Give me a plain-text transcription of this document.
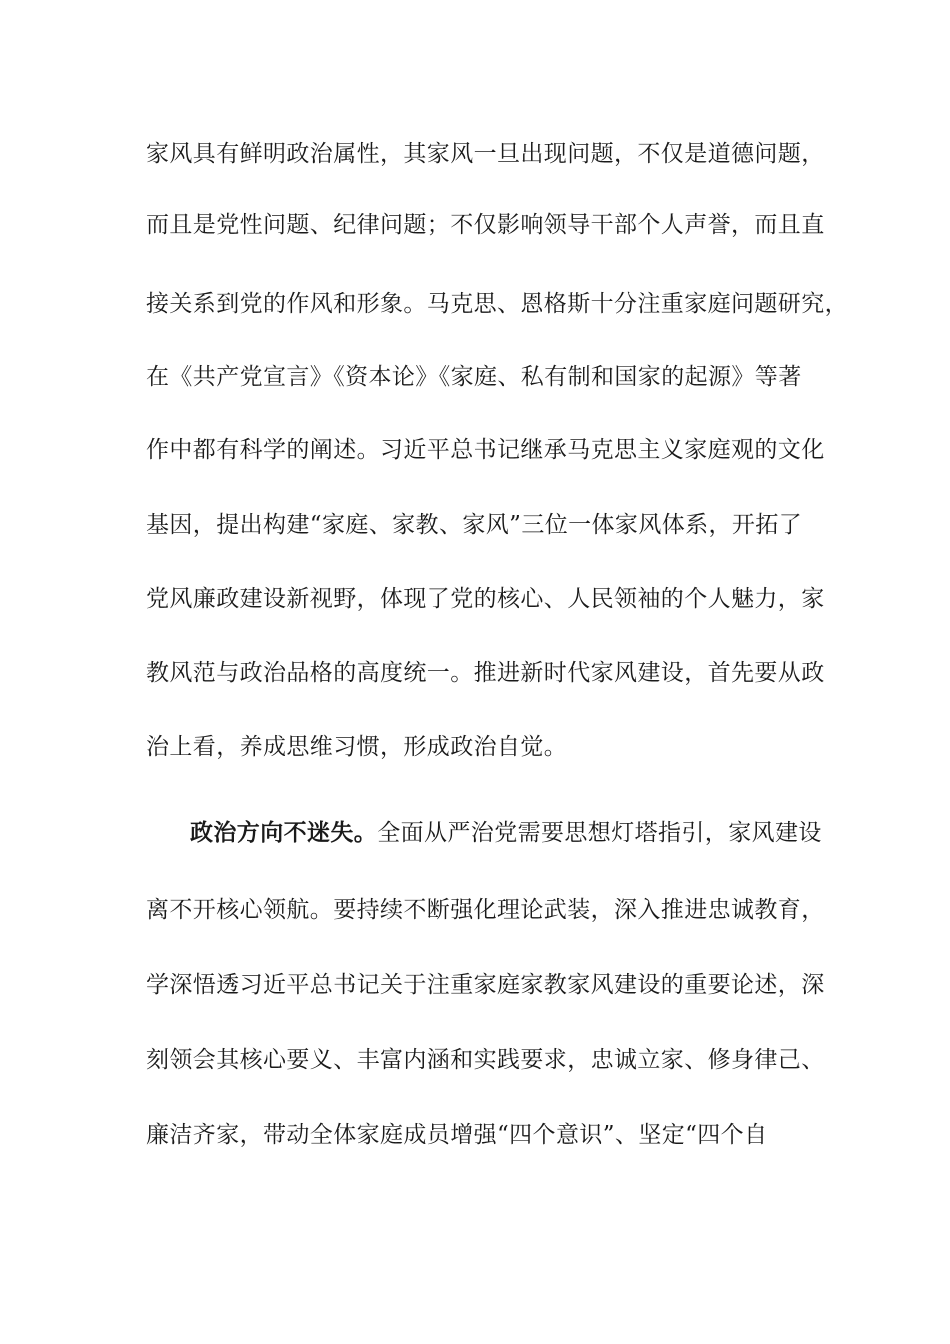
家风具有鲜明政治属性，其家风一旦出现问题，不仅是道德问题，
而且是党性问题、纪律问题；不仅影响领导干部个人声誉，而且直
接关系到党的作风和形象。马克思、恩格斯十分注重家庭问题研究，
在《共产党宣言》《资本论》《家庭、私有制和国家的起源》等著
作中都有科学的阐述。习近平总书记继承马克思主义家庭观的文化
基因，提出构建“家庭、家教、家风”三位一体家风体系，开拓了
党风廉政建设新视野，体现了党的核心、人民领袖的个人魅力，家
教风范与政治品格的高度统一。推进新时代家风建设，首先要从政
治上看，养成思维习惯，形成政治自觉。
政治方向不迷失。全面从严治党需要思想灯塔指引，家风建设
离不开核心领航。要持续不断强化理论武装，深入推进忠诚教育，
学深悟透习近平总书记关于注重家庭家教家风建设的重要论述，深
刻领会其核心要义、丰富内涵和实践要求，忠诚立家、修身律己、
廉洁齐家，带动全体家庭成员增强“四个意识”、坚定“四个自
